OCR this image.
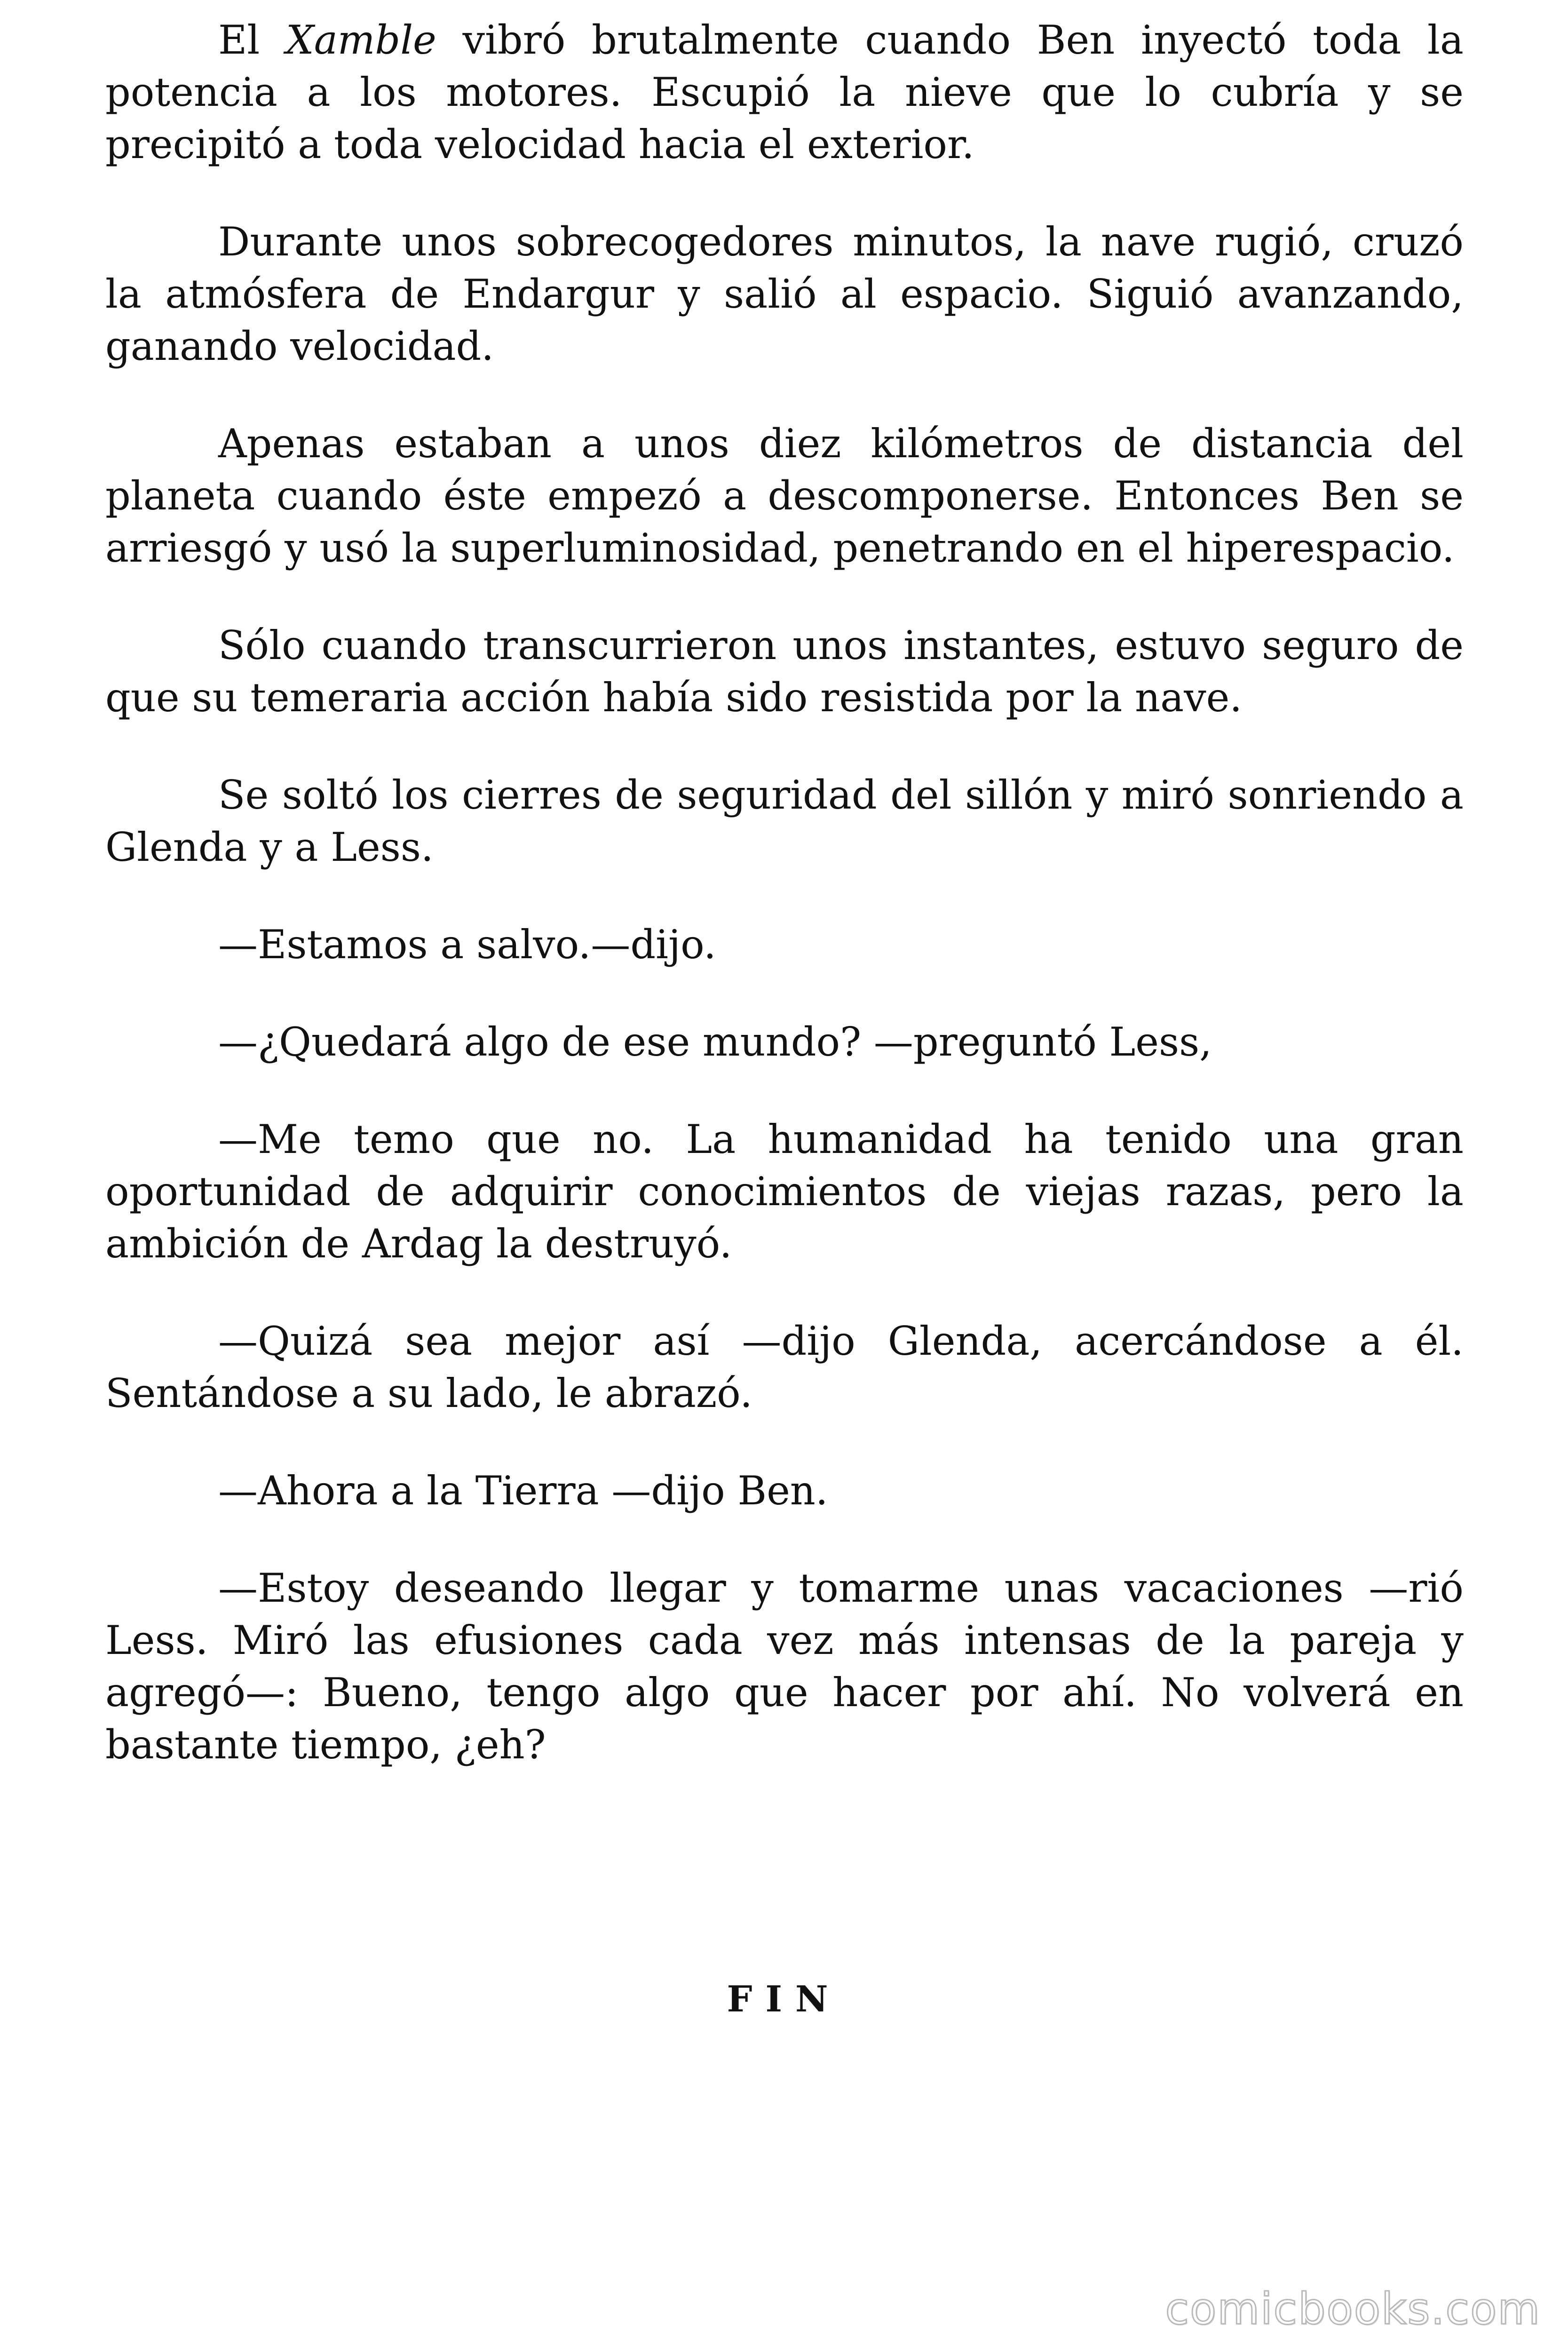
El Xamble vibró brutalmente cuando Ben inyectó toda la potencia a los motores. Escupió la nieve que lo cubría y se precipitó a toda velocidad hacia el exterior.

Durante unos sobrecogedores minutos, la nave rugió, cruzó la atmósfera de Endargur y salió al espacio. Siguió avanzando, ganando velocidad.

Apenas estaban a unos diez kilómetros de distancia del planeta cuando éste empezó a descomponerse. Entonces Ben se arriesgó y usó la superluminosidad, penetrando en el hiperespacio.

Sólo cuando transcurrieron unos instantes, estuvo seguro de que su temeraria acción había sido resistida por la nave.

Se soltó los cierres de seguridad del sillón y miró sonriendo a Glenda y a Less.

—Estamos a salvo.—dijo.

—¿Quedará algo de ese mundo? —preguntó Less,

—Me temo que no. La humanidad ha tenido una gran oportunidad de adquirir conocimientos de viejas razas, pero la ambición de Ardag la destruyó.

—Quizá sea mejor así —dijo Glenda, acercándose a él. Sentándose a su lado, le abrazó.

—Ahora a la Tierra —dijo Ben.

—Estoy deseando llegar y tomarme unas vacaciones —rió Less. Miró las efusiones cada vez más intensas de la pareja y agregó—: Bueno, tengo algo que hacer por ahí. No volverá en bastante tiempo, ¿eh?

FIN
comicbooks.com
